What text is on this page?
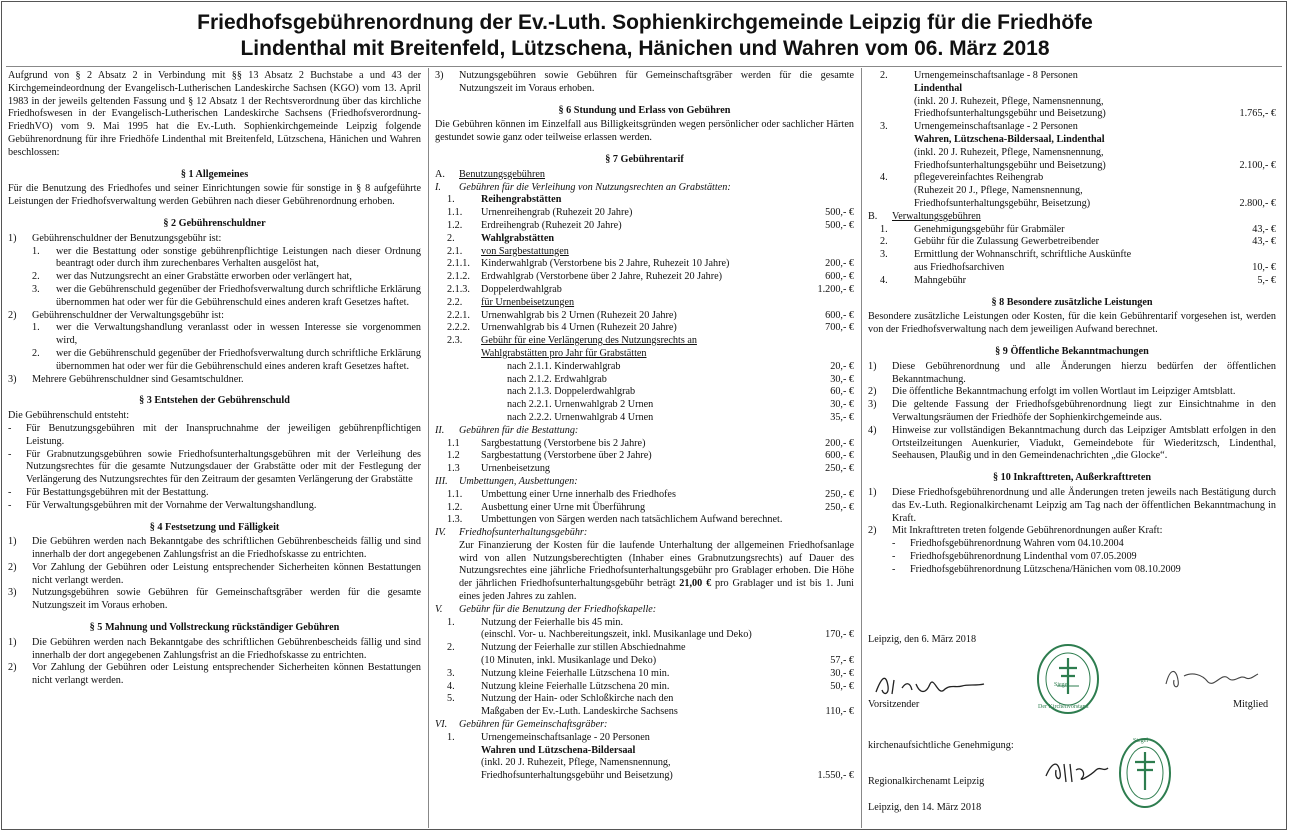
Friedhofsgebührenordnung der Ev.-Luth. Sophienkirchgemeinde Leipzig für die Friedhöfe
Lindenthal mit Breitenfeld, Lützschena, Hänichen und Wahren vom 06. März 2018

Aufgrund von § 2 Absatz 2 in Verbindung mit §§ 13 Absatz 2 Buchstabe a und 43 der Kirchgemeindeordnung der Evangelisch-Lutherischen Landeskirche Sachsen (KGO) vom 13. April 1983 in der jeweils geltenden Fassung und § 12 Absatz 1 der Rechtsverordnung über das kirchliche Friedhofswesen in der Evangelisch-Lutherischen Landeskirche Sachsens (Friedhofsverordnung-FriedhVO) vom 9. Mai 1995 hat die Ev.-Luth. Sophienkirchgemeinde Leipzig folgende Gebührenordnung für ihre Friedhöfe Lindenthal mit Breitenfeld, Lützschena, Hänichen und Wahren beschlossen:

§ 1 Allgemeines

Für die Benutzung des Friedhofes und seiner Einrichtungen sowie für sonstige in § 8 aufgeführte Leistungen der Friedhofsverwaltung werden Gebühren nach dieser Gebührenordnung erhoben.

§ 2 Gebührenschuldner
1)	Gebührenschuldner der Benutzungsgebühr ist:
1.	wer die Bestattung oder sonstige gebührenpflichtige Leistungen nach dieser Ordnung beantragt oder durch ihm zurechenbares Verhalten ausgelöst hat,
2.	wer das Nutzungsrecht an einer Grabstätte erworben oder verlängert hat,
3.	wer die Gebührenschuld gegenüber der Friedhofsverwaltung durch schriftliche Erklärung übernommen hat oder wer für die Gebührenschuld eines anderen kraft Gesetzes haftet.
2)	Gebührenschuldner der Verwaltungsgebühr ist:
1.	wer die Verwaltungshandlung veranlasst oder in wessen Interesse sie vorgenommen wird,
2.	wer die Gebührenschuld gegenüber der Friedhofsverwaltung durch schriftliche Erklärung übernommen hat oder wer für die Gebührenschuld eines anderen kraft Gesetzes haftet.
3)	Mehrere Gebührenschuldner sind Gesamtschuldner.
§ 3 Entstehen der Gebührenschuld

Die Gebührenschuld entsteht:

-	Für Benutzungsgebühren mit der Inanspruchnahme der jeweiligen gebührenpflichtigen Leistung.
-	Für Grabnutzungsgebühren sowie Friedhofsunterhaltungsgebühren mit der Verleihung des Nutzungsrechtes für die gesamte Nutzungsdauer der Grabstätte oder mit der Festlegung der Verlängerung des Nutzungsrechtes für den Zeitraum der gesamten Verlängerung der Grabstätte
-	Für Bestattungsgebühren mit der Bestattung.
-	Für Verwaltungsgebühren mit der Vornahme der Verwaltungshandlung.
§ 4 Festsetzung und Fälligkeit
1)	Die Gebühren werden nach Bekanntgabe des schriftlichen Gebührenbescheids fällig und sind innerhalb der dort angegebenen Zahlungsfrist an die Friedhofskasse zu entrichten.
2)	Vor Zahlung der Gebühren oder Leistung entsprechender Sicherheiten können Bestattungen nicht verlangt werden.
3)	Nutzungsgebühren sowie Gebühren für Gemeinschaftsgräber werden für die gesamte Nutzungszeit im Voraus erhoben.
§ 5 Mahnung und Vollstreckung rückständiger Gebühren
1)	Die Gebühren werden nach Bekanntgabe des schriftlichen Gebührenbescheids fällig und sind innerhalb der dort angegebenen Zahlungsfrist an die Friedhofskasse zu entrichten.
2)	Vor Zahlung der Gebühren oder Leistung entsprechender Sicherheiten können Bestattungen nicht verlangt werden.
3)	Nutzungsgebühren sowie Gebühren für Gemeinschaftsgräber werden für die gesamte Nutzungszeit im Voraus erhoben.
§ 6 Stundung und Erlass von Gebühren

Die Gebühren können im Einzelfall aus Billigkeitsgründen wegen persönlicher oder sachlicher Härten gestundet sowie ganz oder teilweise erlassen werden.

§ 7 Gebührentarif
A.	Benutzungsgebühren
I.	Gebühren für die Verleihung von Nutzungsrechten an Grabstätten:
1.	Reihengrabstätten
1.1.	Urnenreihengrab (Ruhezeit 20 Jahre)	500,- €
1.2.	Erdreihengrab (Ruhezeit 20 Jahre)	500,- €
2.	Wahlgrabstätten
2.1.	von Sargbestattungen
2.1.1.	Kinderwahlgrab (Verstorbene bis 2 Jahre, Ruhezeit 10 Jahre)	200,- €
2.1.2.	Erdwahlgrab (Verstorbene über 2 Jahre, Ruhezeit 20 Jahre)	600,- €
2.1.3.	Doppelerdwahlgrab	1.200,- €
2.2.	für Urnenbeisetzungen
2.2.1.	Urnenwahlgrab bis 2 Urnen (Ruhezeit 20 Jahre)	600,- €
2.2.2.	Urnenwahlgrab bis 4 Urnen (Ruhezeit 20 Jahre)	700,- €
2.3.	Gebühr für eine Verlängerung des Nutzungsrechts an
Wahlgrabstätten pro Jahr für Grabstätten
nach 2.1.1. Kinderwahlgrab	20,- €
nach 2.1.2. Erdwahlgrab	30,- €
nach 2.1.3. Doppelerdwahlgrab	60,- €
nach 2.2.1. Urnenwahlgrab 2 Urnen	30,- €
nach 2.2.2. Urnenwahlgrab 4 Urnen	35,- €
II.	Gebühren für die Bestattung:
1.1	Sargbestattung (Verstorbene bis 2 Jahre)	200,- €
1.2	Sargbestattung (Verstorbene über 2 Jahre)	600,- €
1.3	Urnenbeisetzung	250,- €
III.	Umbettungen, Ausbettungen:
1.1.	Umbettung einer Urne innerhalb des Friedhofes	250,- €
1.2.	Ausbettung einer Urne mit Überführung	250,- €
1.3.	Umbettungen von Särgen werden nach tatsächlichem Aufwand berechnet.
IV.	Friedhofsunterhaltungsgebühr:

Zur Finanzierung der Kosten für die laufende Unterhaltung der allgemeinen Friedhofsanlage wird von allen Nutzungsberechtigten (Inhaber eines Grabnutzungsrechts) auf Dauer des Nutzungsrechtes eine jährliche Friedhofsunterhaltungsgebühr pro Grablager erhoben. Die Höhe der jährlichen Friedhofsunterhaltungsgebühr beträgt 21,00 € pro Grablager und ist bis 1. Juni eines jeden Jahres zu zahlen.

V.	Gebühr für die Benutzung der Friedhofskapelle:
1.	Nutzung der Feierhalle bis 45 min.
(einschl. Vor- u. Nachbereitungszeit, inkl. Musikanlage und Deko)	170,- €
2.	Nutzung der Feierhalle zur stillen Abschiednahme
(10 Minuten, inkl. Musikanlage und Deko)	57,- €
3.	Nutzung kleine Feierhalle Lützschena 10 min.	30,- €
4.	Nutzung kleine Feierhalle Lützschena 20 min.	50,- €
5.	Nutzung der Hain- oder Schloßkirche nach den
Maßgaben der Ev.-Luth. Landeskirche Sachsens	110,- €
VI.	Gebühren für Gemeinschaftsgräber:
1.	Urnengemeinschaftsanlage - 20 Personen
Wahren und Lützschena-Bildersaal
(inkl. 20 J. Ruhezeit, Pflege, Namensnennung,
Friedhofsunterhaltungsgebühr und Beisetzung)	1.550,- €
2.	Urnengemeinschaftsanlage - 8 Personen
Lindenthal
(inkl. 20 J. Ruhezeit, Pflege, Namensnennung,
Friedhofsunterhaltungsgebühr und Beisetzung)	1.765,- €
3.	Urnengemeinschaftsanlage - 2 Personen
Wahren, Lützschena-Bildersaal, Lindenthal
(inkl. 20 J. Ruhezeit, Pflege, Namensnennung,
Friedhofsunterhaltungsgebühr und Beisetzung)	2.100,- €
4.	pflegevereinfachtes Reihengrab
(Ruhezeit 20 J., Pflege, Namensnennung,
Friedhofsunterhaltungsgebühr, Beisetzung)	2.800,- €
B.	Verwaltungsgebühren
1.	Genehmigungsgebühr für Grabmäler	43,- €
2.	Gebühr für die Zulassung Gewerbetreibender	43,- €
3.	Ermittlung der Wohnanschrift, schriftliche Auskünfte
aus Friedhofsarchiven	10,- €
4.	Mahngebühr	5,- €
§ 8 Besondere zusätzliche Leistungen

Besondere zusätzliche Leistungen oder Kosten, für die kein Gebührentarif vorgesehen ist, werden von der Friedhofsverwaltung nach dem jeweiligen Aufwand berechnet.

§ 9 Öffentliche Bekanntmachungen
1)	Diese Gebührenordnung und alle Änderungen hierzu bedürfen der öffentlichen Bekanntmachung.
2)	Die öffentliche Bekanntmachung erfolgt im vollen Wortlaut im Leipziger Amtsblatt.
3)	Die geltende Fassung der Friedhofsgebührenordnung liegt zur Einsichtnahme in den Verwaltungsräumen der Friedhöfe der Sophienkirchgemeinde aus.
4)	Hinweise zur vollständigen Bekanntmachung durch das Leipziger Amtsblatt erfolgen in den Ortsteilzeitungen Auenkurier, Viadukt, Gemeindebote für Wiederitzsch, Lindenthal, Seehausen, Plaußig und in den Gemeindenachrichten „die Glocke“.
§ 10 Inkrafttreten, Außerkrafttreten
1)	Diese Friedhofsgebührenordnung und alle Änderungen treten jeweils nach Bestätigung durch das Ev.-Luth. Regionalkirchenamt Leipzig am Tag nach der öffentlichen Bekanntmachung in Kraft.
2)	Mit Inkrafttreten treten folgende Gebührenordnungen außer Kraft:
-	Friedhofsgebührenordnung Wahren vom 04.10.2004
-	Friedhofsgebührenordnung Lindenthal vom 07.05.2009
-	Friedhofsgebührenordnung Lützschena/Hänichen vom 08.10.2009
Leipzig, den 6. März 2018
Vorsitzender
Siegel
Der Kirchenvorstand	Mitglied
kirchenaufsichtliche Genehmigung:	Siegel
Regionalkirchenamt Leipzig
Leipzig, den 14. März 2018
